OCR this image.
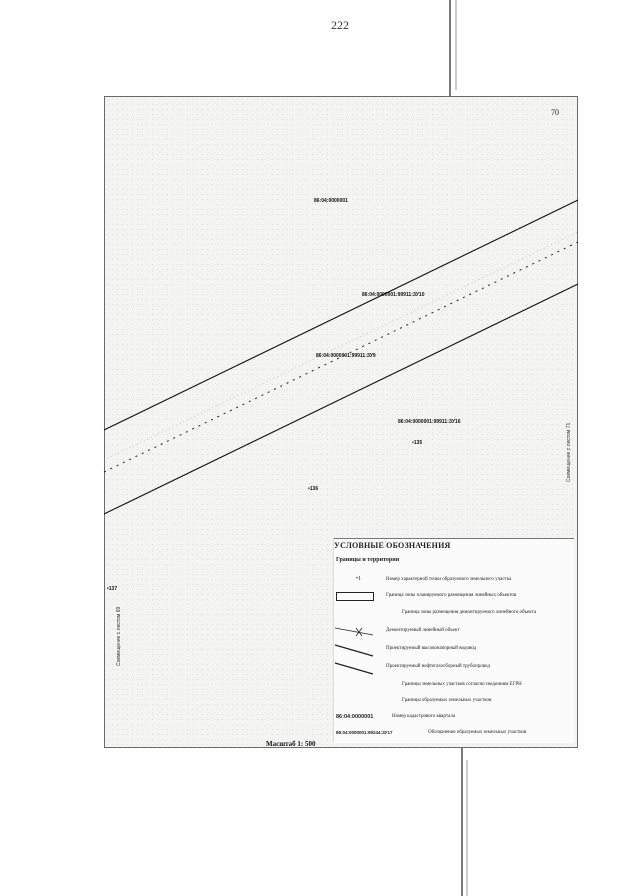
222
70
86:04:0000001
86:04:0000001:99911:ЗУ10
86:04:0000001:99911:ЗУ9
86:04:0000001:99911:ЗУ16
•135
•136
•137
Совмещение с листом 71
Совмещение с листом 69
УСЛОВНЫЕ ОБОЗНАЧЕНИЯ
Границы и территории
•1	Номер характерной точки образуемого земельного участка
Граница зоны планируемого размещения линейных объектов
Граница зоны размещения демонтируемого линейного объекта
Демонтируемый линейный объект
Проектируемый высоконапорный водовод
Проектируемый нефтегазосборный трубопровод
Границы земельных участков согласно сведениям ЕГРН
Границы образуемых земельных участков
86:04:0000001	Номер кадастрового квартала
86:04:0000001:99244:ЗУ17	Обозначение образуемых земельных участков
Масштаб 1: 500
